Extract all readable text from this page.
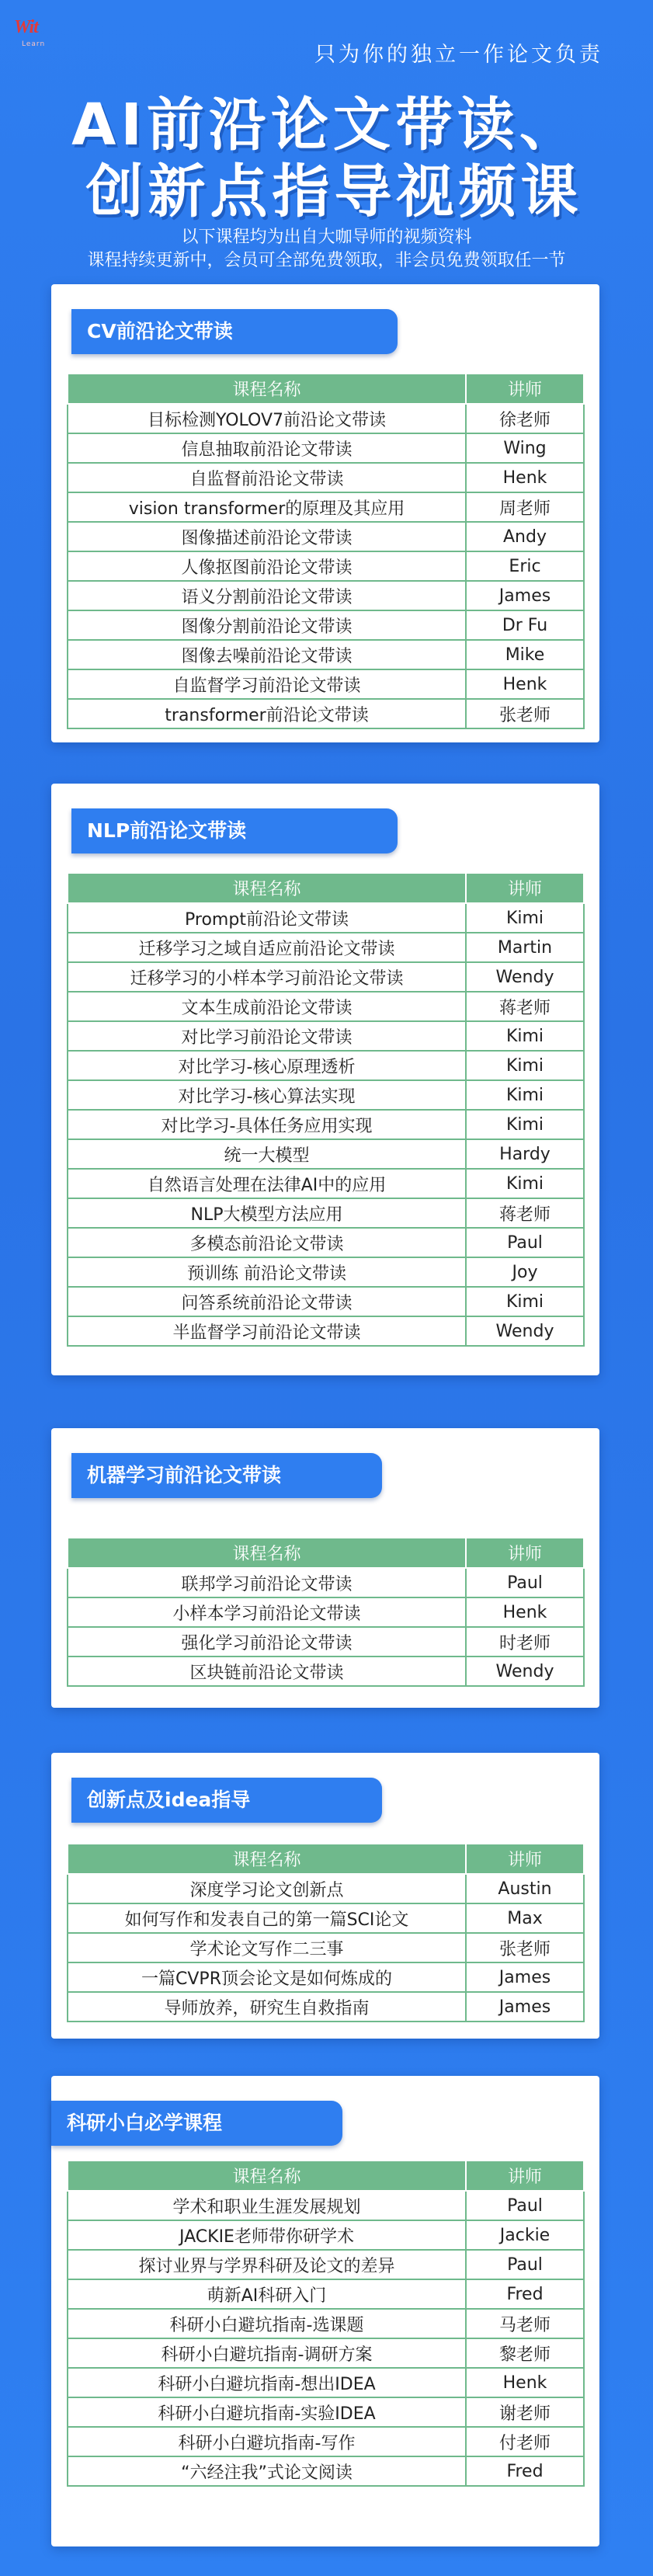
Wit
Learn	只为你的独立一作论文负责
AI前沿论文带读、
创新点指导视频课
以下课程均为出自大咖导师的视频资料
课程持续更新中，会员可全部免费领取，非会员免费领取任一节
CV前沿论文带读
课程名称	讲师
目标检测YOLOV7前沿论文带读	徐老师
信息抽取前沿论文带读	Wing
自监督前沿论文带读	Henk
vision transformer的原理及其应用	周老师
图像描述前沿论文带读	Andy
人像抠图前沿论文带读	Eric
语义分割前沿论文带读	James
图像分割前沿论文带读	Dr Fu
图像去噪前沿论文带读	Mike
自监督学习前沿论文带读	Henk
transformer前沿论文带读	张老师
NLP前沿论文带读
课程名称	讲师
Prompt前沿论文带读	Kimi
迁移学习之域自适应前沿论文带读	Martin
迁移学习的小样本学习前沿论文带读	Wendy
文本生成前沿论文带读	蒋老师
对比学习前沿论文带读	Kimi
对比学习-核心原理透析	Kimi
对比学习-核心算法实现	Kimi
对比学习-具体任务应用实现	Kimi
统一大模型	Hardy
自然语言处理在法律AI中的应用	Kimi
NLP大模型方法应用	蒋老师
多模态前沿论文带读	Paul
预训练 前沿论文带读	Joy
问答系统前沿论文带读	Kimi
半监督学习前沿论文带读	Wendy
机器学习前沿论文带读
课程名称	讲师
联邦学习前沿论文带读	Paul
小样本学习前沿论文带读	Henk
强化学习前沿论文带读	时老师
区块链前沿论文带读	Wendy
创新点及idea指导
课程名称	讲师
深度学习论文创新点	Austin
如何写作和发表自己的第一篇SCI论文	Max
学术论文写作二三事	张老师
一篇CVPR顶会论文是如何炼成的	James
导师放养，研究生自救指南	James
科研小白必学课程
课程名称	讲师
学术和职业生涯发展规划	Paul
JACKIE老师带你研学术	Jackie
探讨业界与学界科研及论文的差异	Paul
萌新AI科研入门	Fred
科研小白避坑指南-选课题	马老师
科研小白避坑指南-调研方案	黎老师
科研小白避坑指南-想出IDEA	Henk
科研小白避坑指南-实验IDEA	谢老师
科研小白避坑指南-写作	付老师
“六经注我”式论文阅读	Fred
